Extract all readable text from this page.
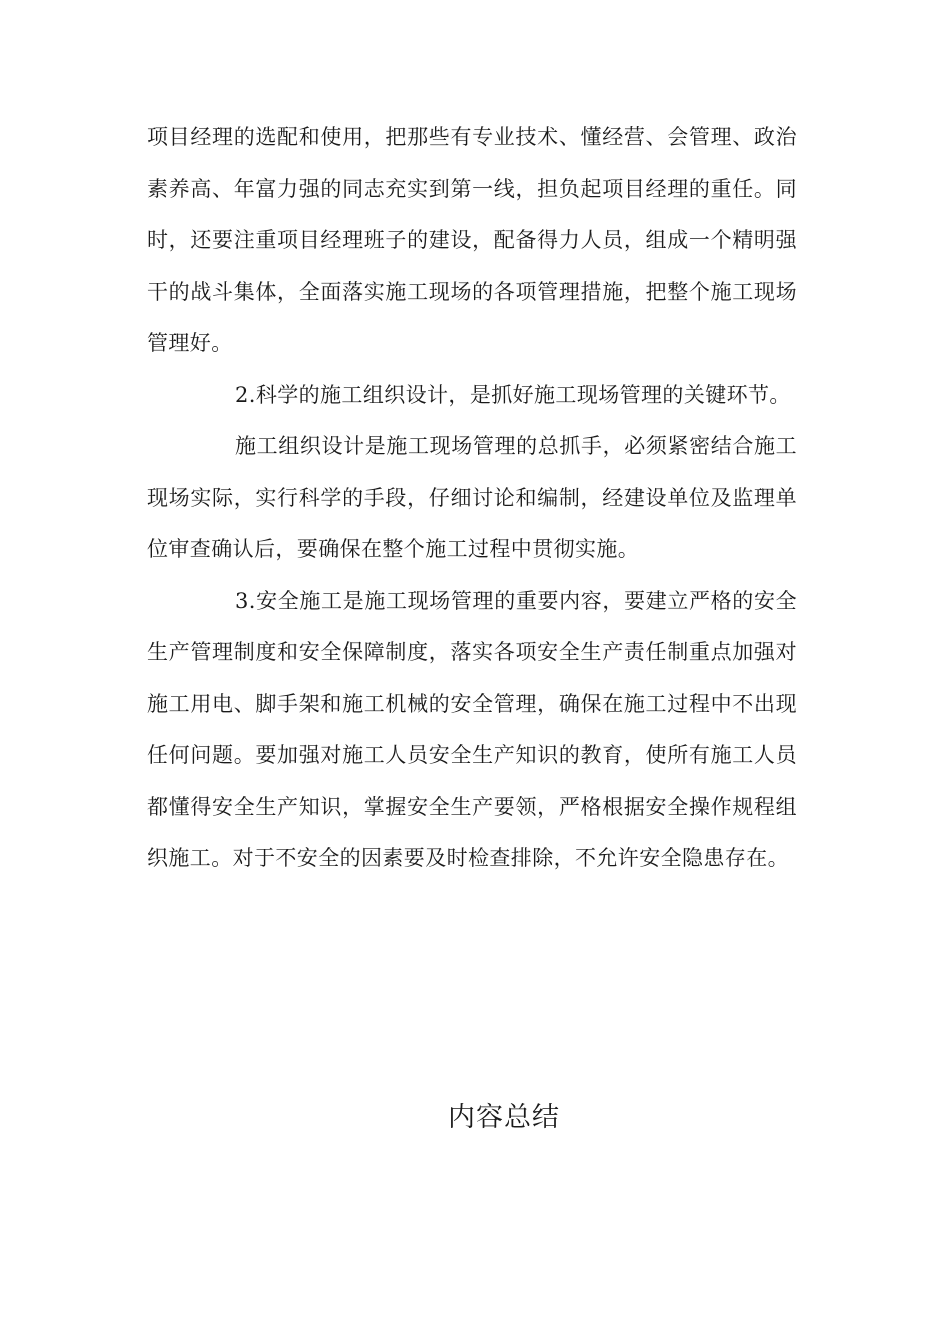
项目经理的选配和使用，把那些有专业技术、懂经营、会管理、政治素养高、年富力强的同志充实到第一线，担负起项目经理的重任。同时，还要注重项目经理班子的建设，配备得力人员，组成一个精明强干的战斗集体，全面落实施工现场的各项管理措施，把整个施工现场管理好。

2.科学的施工组织设计，是抓好施工现场管理的关键环节。

施工组织设计是施工现场管理的总抓手，必须紧密结合施工现场实际，实行科学的手段，仔细讨论和编制，经建设单位及监理单位审查确认后，要确保在整个施工过程中贯彻实施。

3.安全施工是施工现场管理的重要内容，要建立严格的安全生产管理制度和安全保障制度，落实各项安全生产责任制重点加强对施工用电、脚手架和施工机械的安全管理，确保在施工过程中不出现任何问题。要加强对施工人员安全生产知识的教育，使所有施工人员都懂得安全生产知识，掌握安全生产要领，严格根据安全操作规程组织施工。对于不安全的因素要及时检查排除，不允许安全隐患存在。

内容总结
